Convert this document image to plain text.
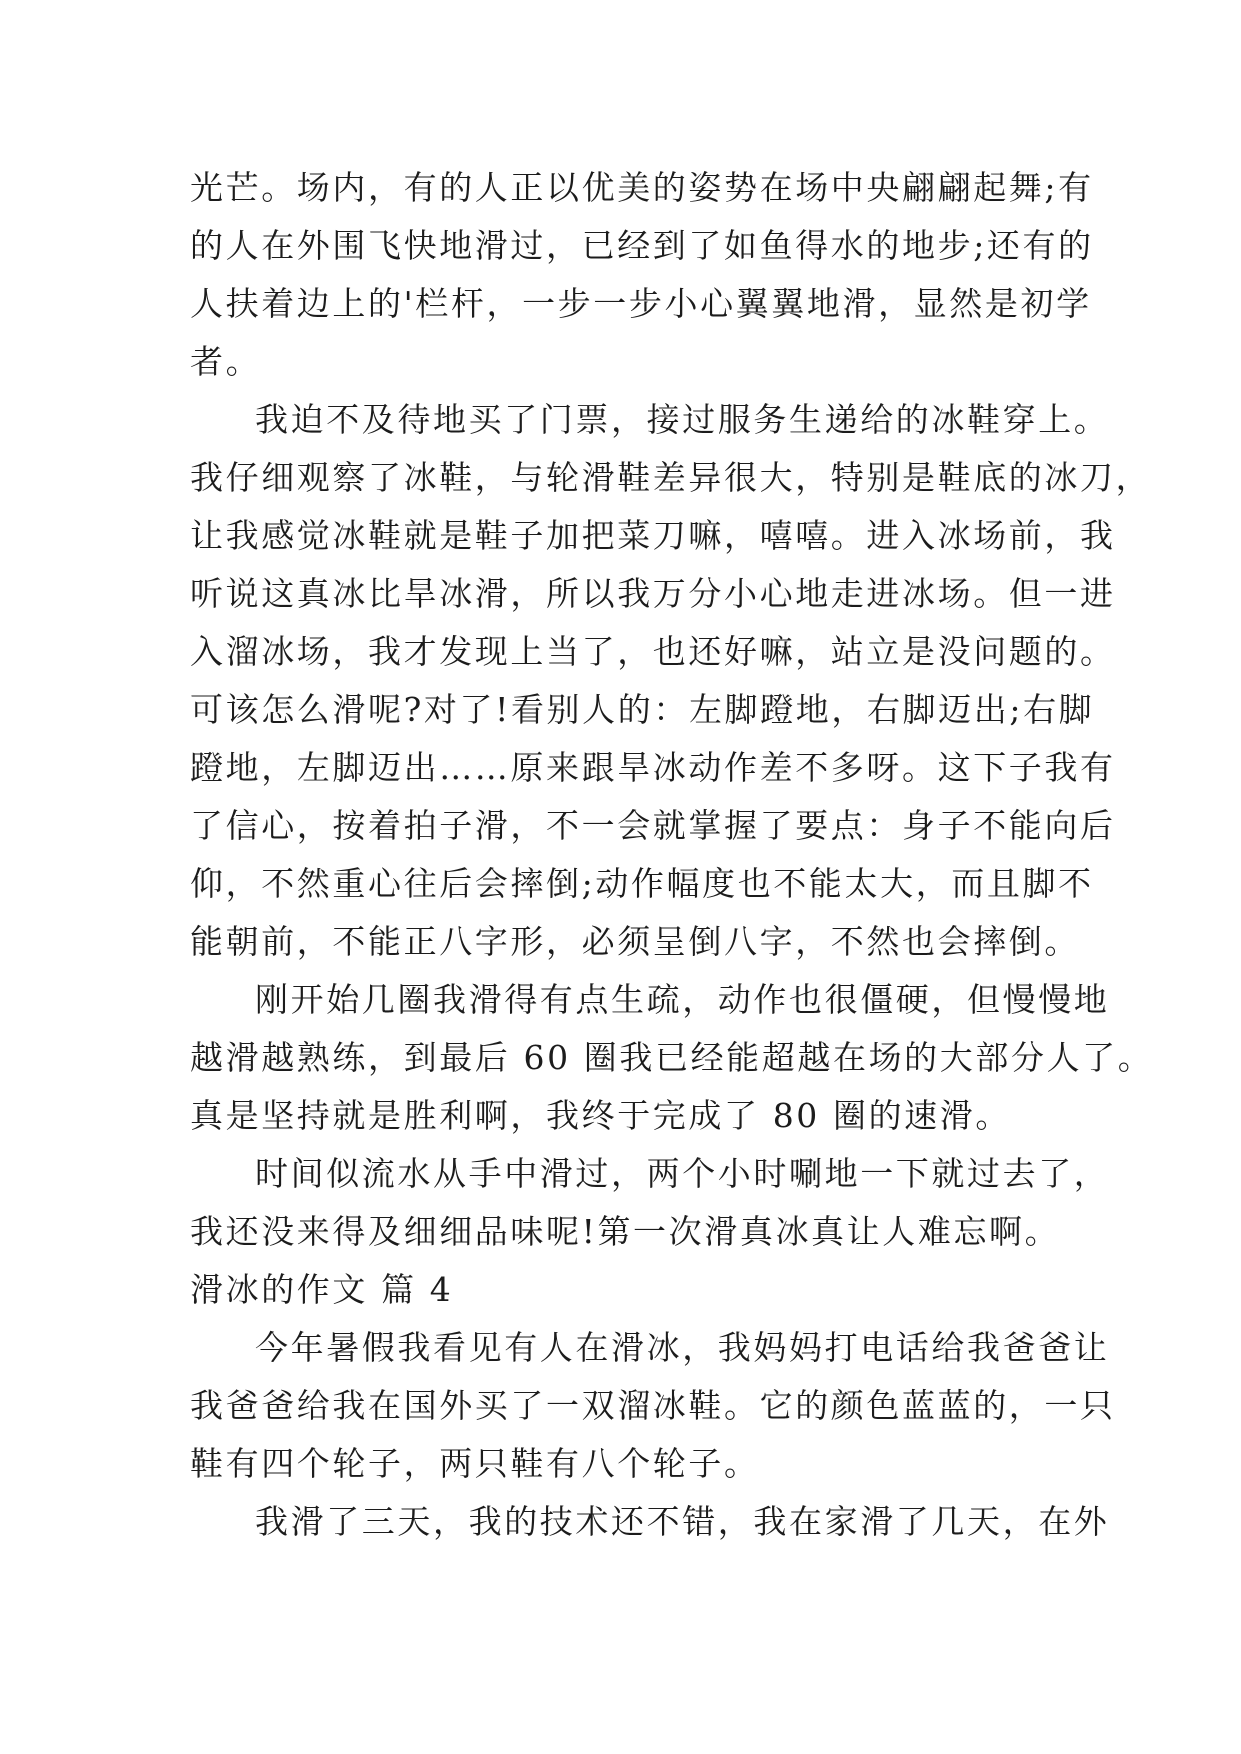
光芒。场内，有的人正以优美的姿势在场中央翩翩起舞;有
的人在外围飞快地滑过，已经到了如鱼得水的地步;还有的
人扶着边上的'栏杆，一步一步小心翼翼地滑，显然是初学
者。
我迫不及待地买了门票，接过服务生递给的冰鞋穿上。
我仔细观察了冰鞋，与轮滑鞋差异很大，特别是鞋底的冰刀，
让我感觉冰鞋就是鞋子加把菜刀嘛，嘻嘻。进入冰场前，我
听说这真冰比旱冰滑，所以我万分小心地走进冰场。但一进
入溜冰场，我才发现上当了，也还好嘛，站立是没问题的。
可该怎么滑呢?对了!看别人的：左脚蹬地，右脚迈出;右脚
蹬地，左脚迈出……原来跟旱冰动作差不多呀。这下子我有
了信心，按着拍子滑，不一会就掌握了要点：身子不能向后
仰，不然重心往后会摔倒;动作幅度也不能太大，而且脚不
能朝前，不能正八字形，必须呈倒八字，不然也会摔倒。
刚开始几圈我滑得有点生疏，动作也很僵硬，但慢慢地
越滑越熟练，到最后 60 圈我已经能超越在场的大部分人了。
真是坚持就是胜利啊，我终于完成了 80 圈的速滑。
时间似流水从手中滑过，两个小时唰地一下就过去了，
我还没来得及细细品味呢!第一次滑真冰真让人难忘啊。
滑冰的作文 篇 4
今年暑假我看见有人在滑冰，我妈妈打电话给我爸爸让
我爸爸给我在国外买了一双溜冰鞋。它的颜色蓝蓝的，一只
鞋有四个轮子，两只鞋有八个轮子。
我滑了三天，我的技术还不错，我在家滑了几天，在外
